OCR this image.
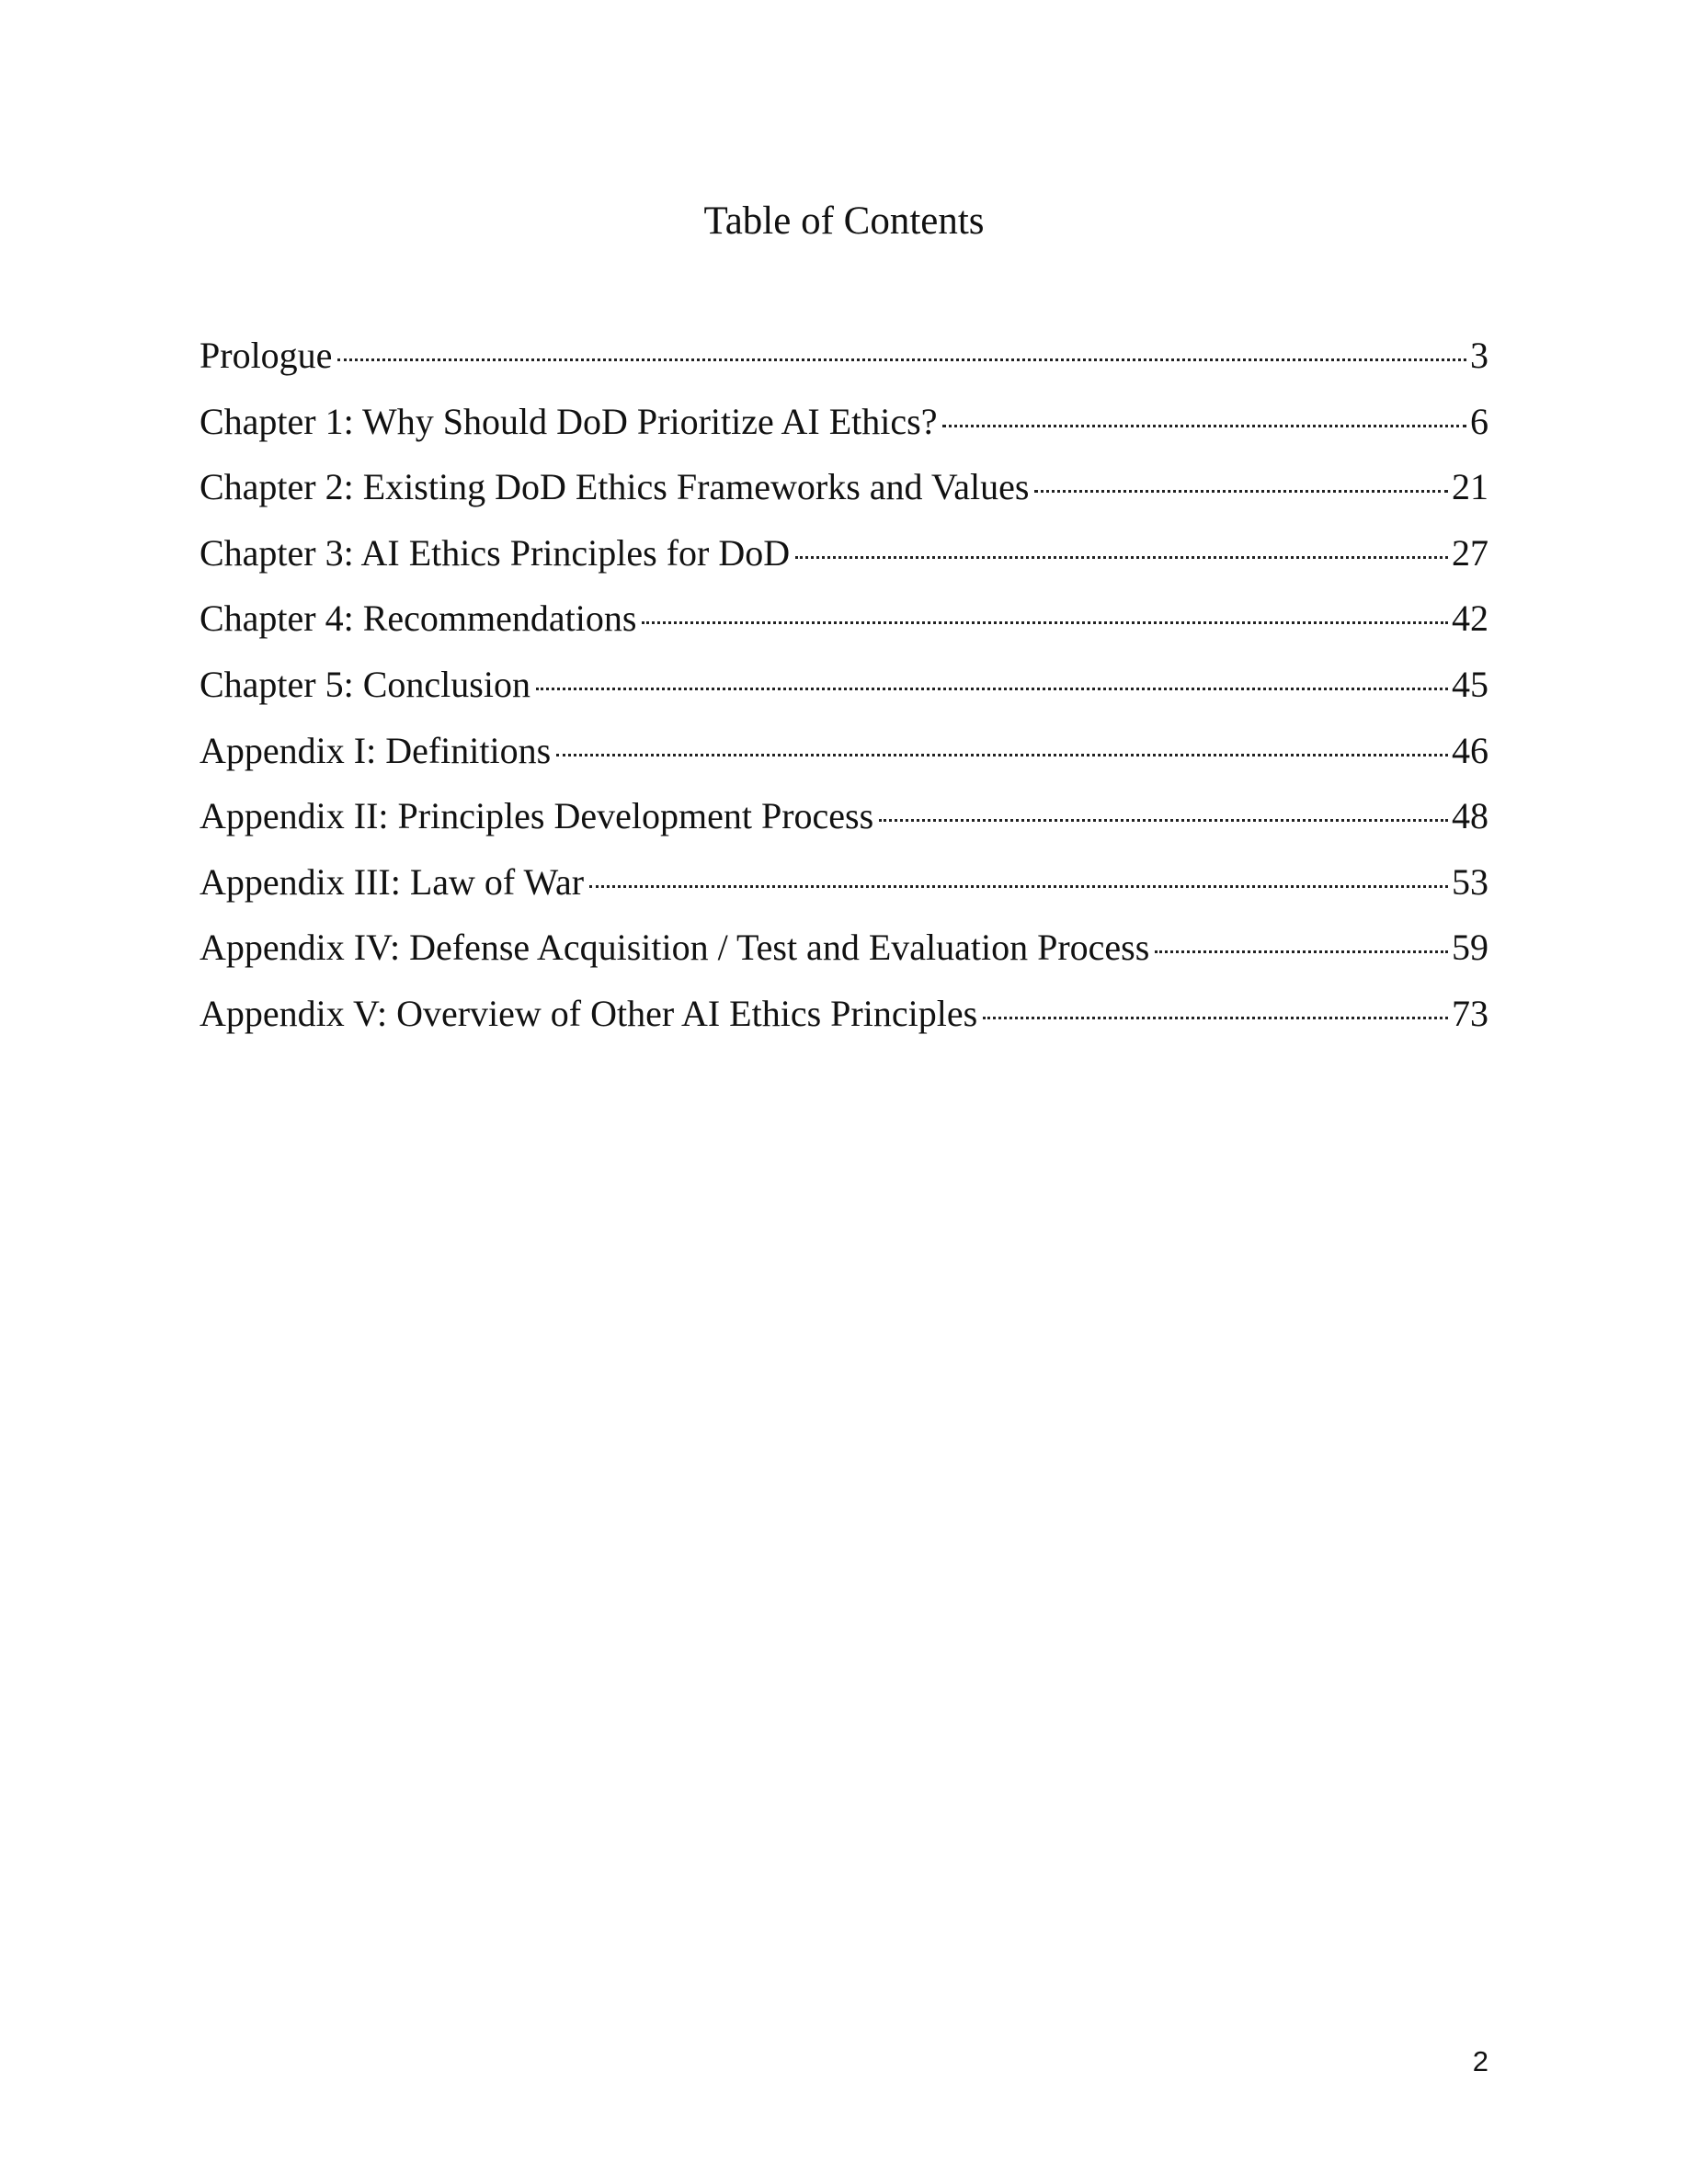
Table of Contents
Prologue	3
Chapter 1: Why Should DoD Prioritize AI Ethics?	6
Chapter 2: Existing DoD Ethics Frameworks and Values	21
Chapter 3: AI Ethics Principles for DoD	27
Chapter 4: Recommendations	42
Chapter 5: Conclusion	45
Appendix I: Definitions	46
Appendix II: Principles Development Process	48
Appendix III: Law of War	53
Appendix IV: Defense Acquisition / Test and Evaluation Process	59
Appendix V: Overview of Other AI Ethics Principles	73
2
